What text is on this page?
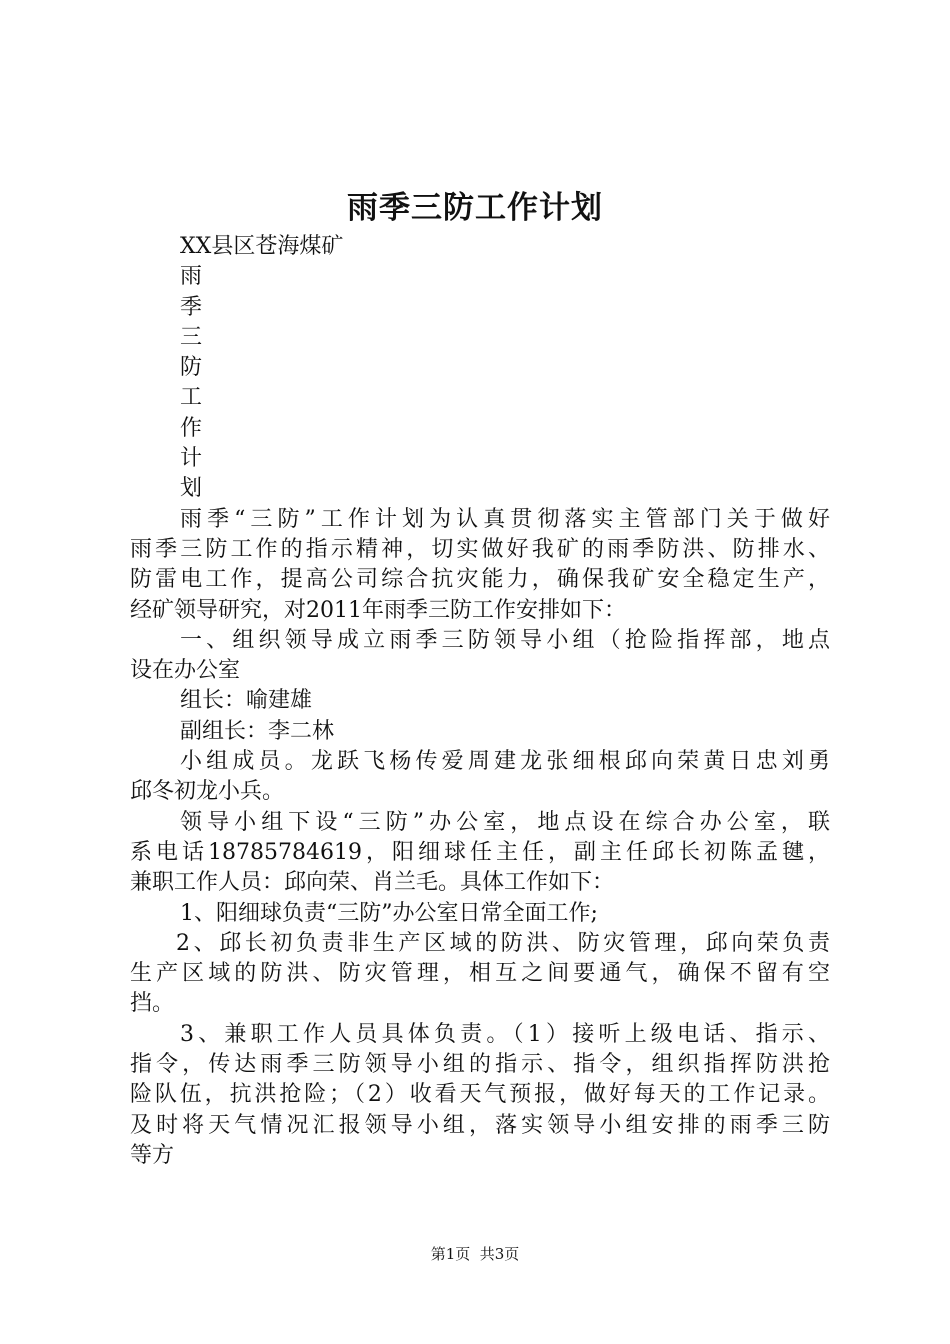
雨季三防工作计划
XX县区苍海煤矿
雨
季
三
防
工
作
计
划
雨季“三防”工作计划为认真贯彻落实主管部门关于做好
雨季三防工作的指示精神，切实做好我矿的雨季防洪、防排水、
防雷电工作，提高公司综合抗灾能力，确保我矿安全稳定生产，
经矿领导研究，对2011年雨季三防工作安排如下：
一、组织领导成立雨季三防领导小组（抢险指挥部，地点
设在办公室
组长：喻建雄
副组长：李二林
小组成员。龙跃飞杨传爱周建龙张细根邱向荣黄日忠刘勇
邱冬初龙小兵。
领导小组下设“三防”办公室，地点设在综合办公室，联
系电话18785784619，阳细球任主任，副主任邱长初陈孟毽，
兼职工作人员：邱向荣、肖兰毛。具体工作如下：
1、阳细球负责“三防”办公室日常全面工作;
2、邱长初负责非生产区域的防洪、防灾管理，邱向荣负责
生产区域的防洪、防灾管理，相互之间要通气，确保不留有空
挡。
3、兼职工作人员具体负责。（1）接听上级电话、指示、
指令，传达雨季三防领导小组的指示、指令，组织指挥防洪抢
险队伍，抗洪抢险；（2）收看天气预报，做好每天的工作记录。
及时将天气情况汇报领导小组，落实领导小组安排的雨季三防
等方
第1页  共3页
